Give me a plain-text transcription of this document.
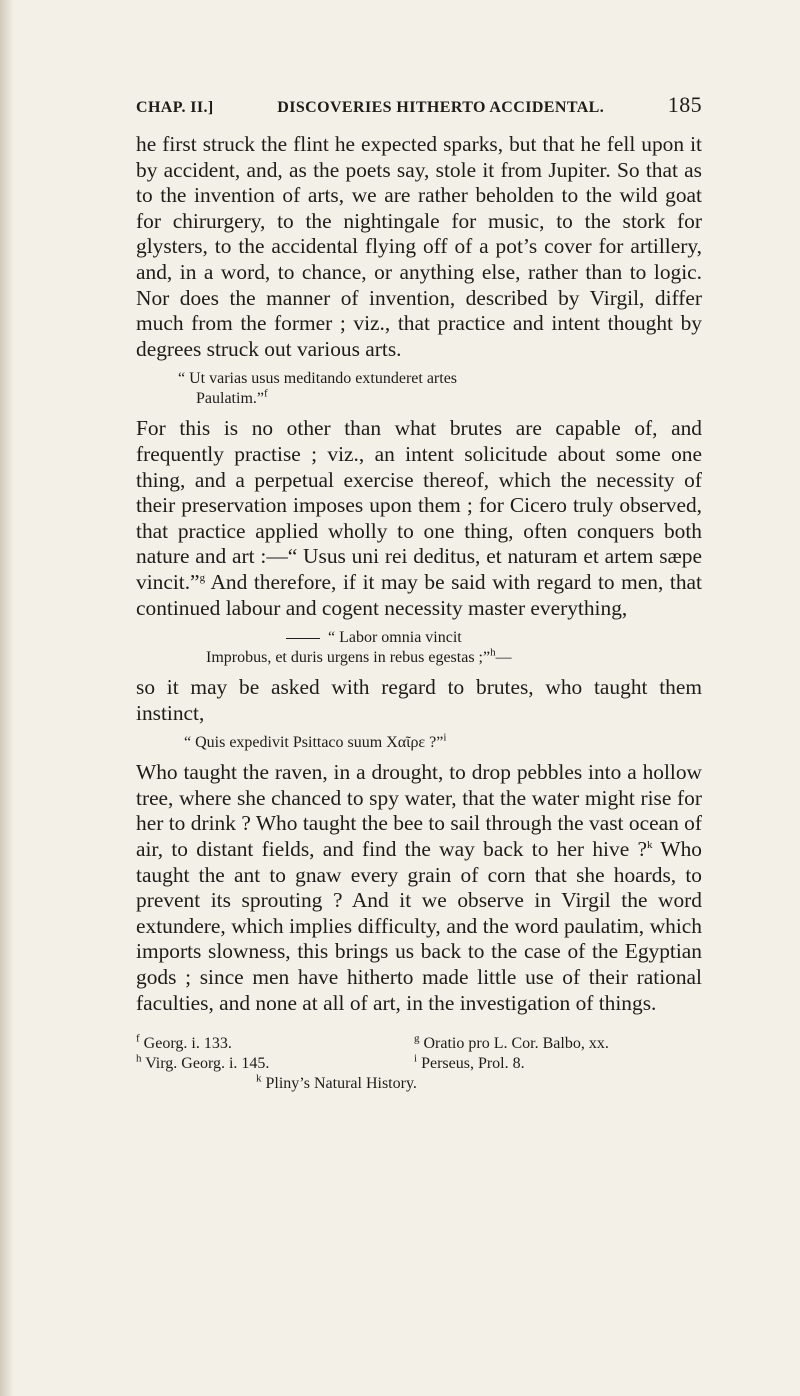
CHAP. II.]	DISCOVERIES HITHERTO ACCIDENTAL.	185

he first struck the flint he expected sparks, but that he fell upon it by accident, and, as the poets say, stole it from Jupiter. So that as to the invention of arts, we are rather beholden to the wild goat for chirurgery, to the nightingale for music, to the stork for glysters, to the accidental flying off of a pot’s cover for artillery, and, in a word, to chance, or anything else, rather than to logic. Nor does the manner of invention, described by Virgil, differ much from the former ; viz., that practice and intent thought by degrees struck out various arts.

“ Ut varias usus meditando extunderet artes
Paulatim.”$^f$

For this is no other than what brutes are capable of, and frequently practise ; viz., an intent solicitude about some one thing, and a perpetual exercise thereof, which the necessity of their preservation imposes upon them ; for Cicero truly observed, that practice applied wholly to one thing, often conquers both nature and art :—“ Usus uni rei deditus, et naturam et artem sæpe vincit.”$^g$ And therefore, if it may be said with regard to men, that continued labour and cogent necessity master everything,

“ Labor omnia vincit
Improbus, et duris urgens in rebus egestas ;”$^h$—

so it may be asked with regard to brutes, who taught them instinct,

“ Quis expedivit Psittaco suum Χαῖρε ?”$^i$

Who taught the raven, in a drought, to drop pebbles into a hollow tree, where she chanced to spy water, that the water might rise for her to drink ? Who taught the bee to sail through the vast ocean of air, to distant fields, and find the way back to her hive ?$^k$ Who taught the ant to gnaw every grain of corn that she hoards, to prevent its sprouting ? And it we observe in Virgil the word extundere, which implies difficulty, and the word paulatim, which imports slowness, this brings us back to the case of the Egyptian gods ; since men have hitherto made little use of their rational faculties, and none at all of art, in the investigation of things.

$^f$ Georg. i. 133.	$^g$ Oratio pro L. Cor. Balbo, xx.
$^h$ Virg. Georg. i. 145.	$^i$ Perseus, Prol. 8.
$^k$ Pliny’s Natural History.
